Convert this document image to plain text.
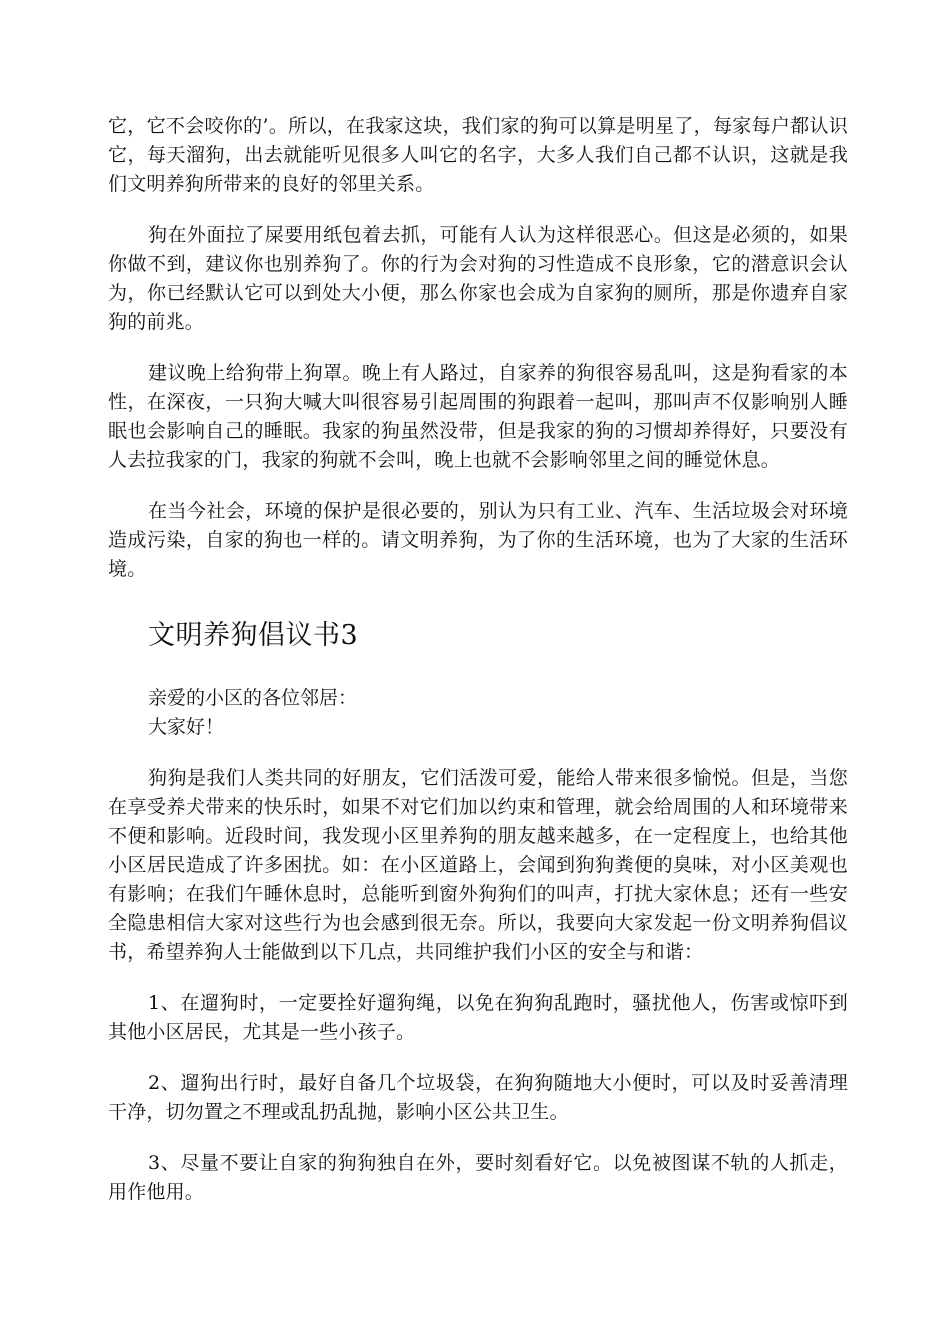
它，它不会咬你的’。所以，在我家这块，我们家的狗可以算是明星了，每家每户都认识它，每天溜狗，出去就能听见很多人叫它的名字，大多人我们自己都不认识，这就是我们文明养狗所带来的良好的邻里关系。

狗在外面拉了屎要用纸包着去抓，可能有人认为这样很恶心。但这是必须的，如果你做不到，建议你也别养狗了。你的行为会对狗的习性造成不良形象，它的潜意识会认为，你已经默认它可以到处大小便，那么你家也会成为自家狗的厕所，那是你遗弃自家狗的前兆。

建议晚上给狗带上狗罩。晚上有人路过，自家养的狗很容易乱叫，这是狗看家的本性，在深夜，一只狗大喊大叫很容易引起周围的狗跟着一起叫，那叫声不仅影响别人睡眠也会影响自己的睡眠。我家的狗虽然没带，但是我家的狗的习惯却养得好，只要没有人去拉我家的门，我家的狗就不会叫，晚上也就不会影响邻里之间的睡觉休息。

在当今社会，环境的保护是很必要的，别认为只有工业、汽车、生活垃圾会对环境造成污染，自家的狗也一样的。请文明养狗，为了你的生活环境，也为了大家的生活环境。

文明养狗倡议书3

亲爱的小区的各位邻居：

大家好！

狗狗是我们人类共同的好朋友，它们活泼可爱，能给人带来很多愉悦。但是，当您在享受养犬带来的快乐时，如果不对它们加以约束和管理，就会给周围的人和环境带来不便和影响。近段时间，我发现小区里养狗的朋友越来越多，在一定程度上，也给其他小区居民造成了许多困扰。如：在小区道路上，会闻到狗狗粪便的臭味，对小区美观也有影响；在我们午睡休息时，总能听到窗外狗狗们的叫声，打扰大家休息；还有一些安全隐患相信大家对这些行为也会感到很无奈。所以，我要向大家发起一份文明养狗倡议书，希望养狗人士能做到以下几点，共同维护我们小区的安全与和谐：

1、在遛狗时，一定要拴好遛狗绳，以免在狗狗乱跑时，骚扰他人，伤害或惊吓到其他小区居民，尤其是一些小孩子。

2、遛狗出行时，最好自备几个垃圾袋，在狗狗随地大小便时，可以及时妥善清理干净，切勿置之不理或乱扔乱抛，影响小区公共卫生。

3、尽量不要让自家的狗狗独自在外，要时刻看好它。以免被图谋不轨的人抓走，用作他用。
